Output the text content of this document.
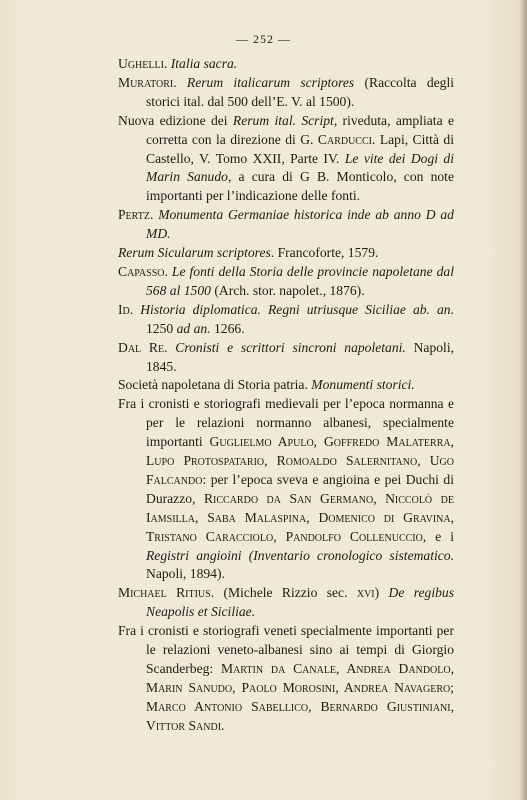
— 252 —

Ughelli. Italia sacra.

Muratori. Rerum italicarum scriptores (Raccolta degli storici ital. dal 500 dell’E. V. al 1500).

Nuova edizione dei Rerum ital. Script, riveduta, ampliata e corretta con la direzione di G. Carducci. Lapi, Città di Castello, V. Tomo XXII, Parte IV. Le vite dei Dogi di Marin Sanudo, a cura di G B. Monticolo, con note importanti per l’indicazione delle fonti.

Pertz. Monumenta Germaniae historica inde ab anno D ad MD.

Rerum Sicularum scriptores. Francoforte, 1579.

Capasso. Le fonti della Storia delle provincie napoletane dal 568 al 1500 (Arch. stor. napolet., 1876).

Id. Historia diplomatica. Regni utriusque Siciliae ab. an. 1250 ad an. 1266.

Dal Re. Cronisti e scrittori sincroni napoletani. Napoli, 1845.

Società napoletana di Storia patria. Monumenti storici.

Fra i cronisti e storiografi medievali per l’epoca normanna e per le relazioni normanno albanesi, specialmente importanti Guglielmo Apulo, Goffredo Malaterra, Lupo Protospatario, Romoaldo Salernitano, Ugo Falcando: per l’epoca sveva e angioina e pei Duchi di Durazzo, Riccardo da San Germano, Niccolò de Iamsilla, Saba Malaspina, Domenico di Gravina, Tristano Caracciolo, Pandolfo Collenuccio, e i Registri angioini (Inventario cronologico sistematico. Napoli, 1894).

Michael Ritius. (Michele Rizzio sec. xvi) De regibus Neapolis et Siciliae.

Fra i cronisti e storiografi veneti specialmente importanti per le relazioni veneto-albanesi sino ai tempi di Giorgio Scanderbeg: Martin da Canale, Andrea Dandolo, Marin Sanudo, Paolo Morosini, Andrea Navagero; Marco Antonio Sabellico, Bernardo Giustiniani, Vittor Sandi.
